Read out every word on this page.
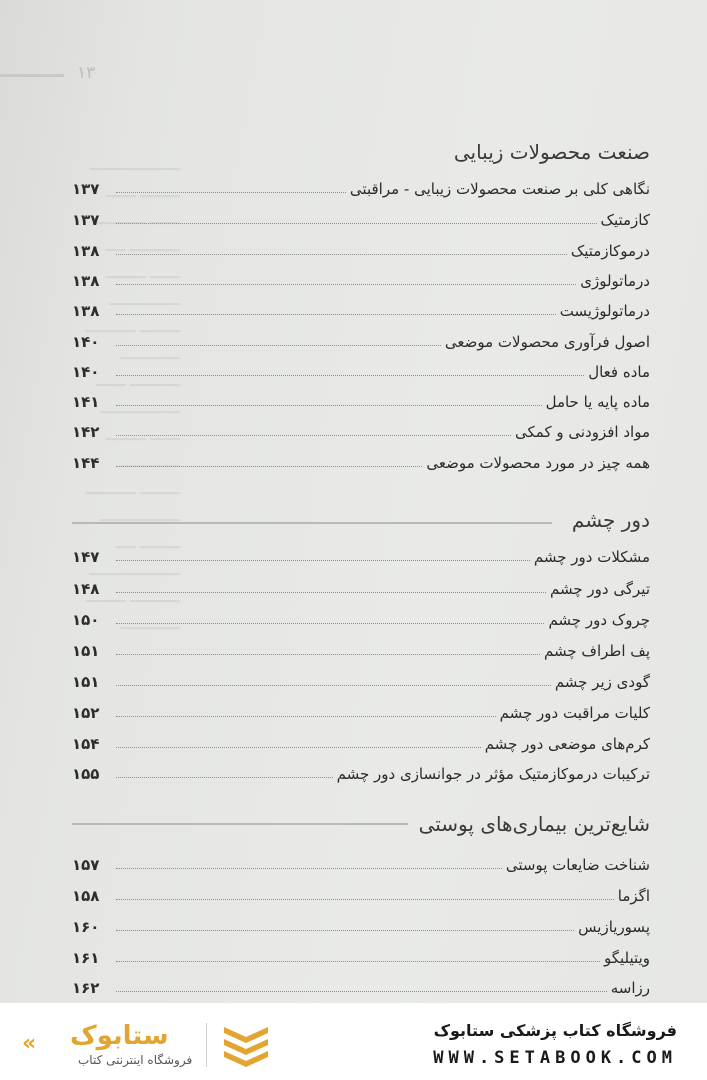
▁▁▁▁▁▁▁▁▁
▁▁▁▁ ▁▁▁
▁▁▁ ▁▁▁▁▁
▁▁▁▁▁ ▁▁
▁▁▁ ▁▁▁▁
▁▁▁▁▁▁▁
▁▁▁▁ ▁▁▁▁▁
▁▁▁▁▁▁
▁▁▁▁▁ ▁▁▁
▁▁▁▁▁▁▁▁
▁▁▁ ▁▁▁▁
▁▁▁▁▁▁
▁▁▁▁ ▁▁▁▁▁
▁▁▁▁▁▁▁▁
▁▁▁▁ ▁▁
▁▁▁▁▁▁▁▁▁
▁▁▁▁▁ ▁▁▁▁
▁▁▁▁▁▁
۱۳
صنعت محصولات زیبایی
۱۳۷	نگاهی کلی بر صنعت محصولات زیبایی - مراقبتی
۱۳۷	کازمتیک
۱۳۸	درموکازمتیک
۱۳۸	درماتولوژی
۱۳۸	درماتولوژیست
۱۴۰	اصول فرآوری محصولات موضعی
۱۴۰	ماده فعال
۱۴۱	ماده پایه یا حامل
۱۴۲	مواد افزودنی و کمکی
۱۴۴	همه چیز در مورد محصولات موضعی
دور چشم
۱۴۷	مشکلات دور چشم
۱۴۸	تیرگی دور چشم
۱۵۰	چروک دور چشم
۱۵۱	پف اطراف چشم
۱۵۱	گودی زیر چشم
۱۵۲	کلیات مراقبت دور چشم
۱۵۴	کرم‌های موضعی دور چشم
۱۵۵	ترکیبات درموکازمتیک مؤثر در جوانسازی دور چشم
شایع‌ترین بیماری‌های پوستی
۱۵۷	شناخت ضایعات پوستی
۱۵۸	اگزما
۱۶۰	پسوریازیس
۱۶۱	ویتیلیگو
۱۶۲	رزاسه
« ستابوک
فروشگاه اینترنتی کتاب
فروشگاه کتاب پزشکی ستابوک
WWW.SETABOOK.COM
